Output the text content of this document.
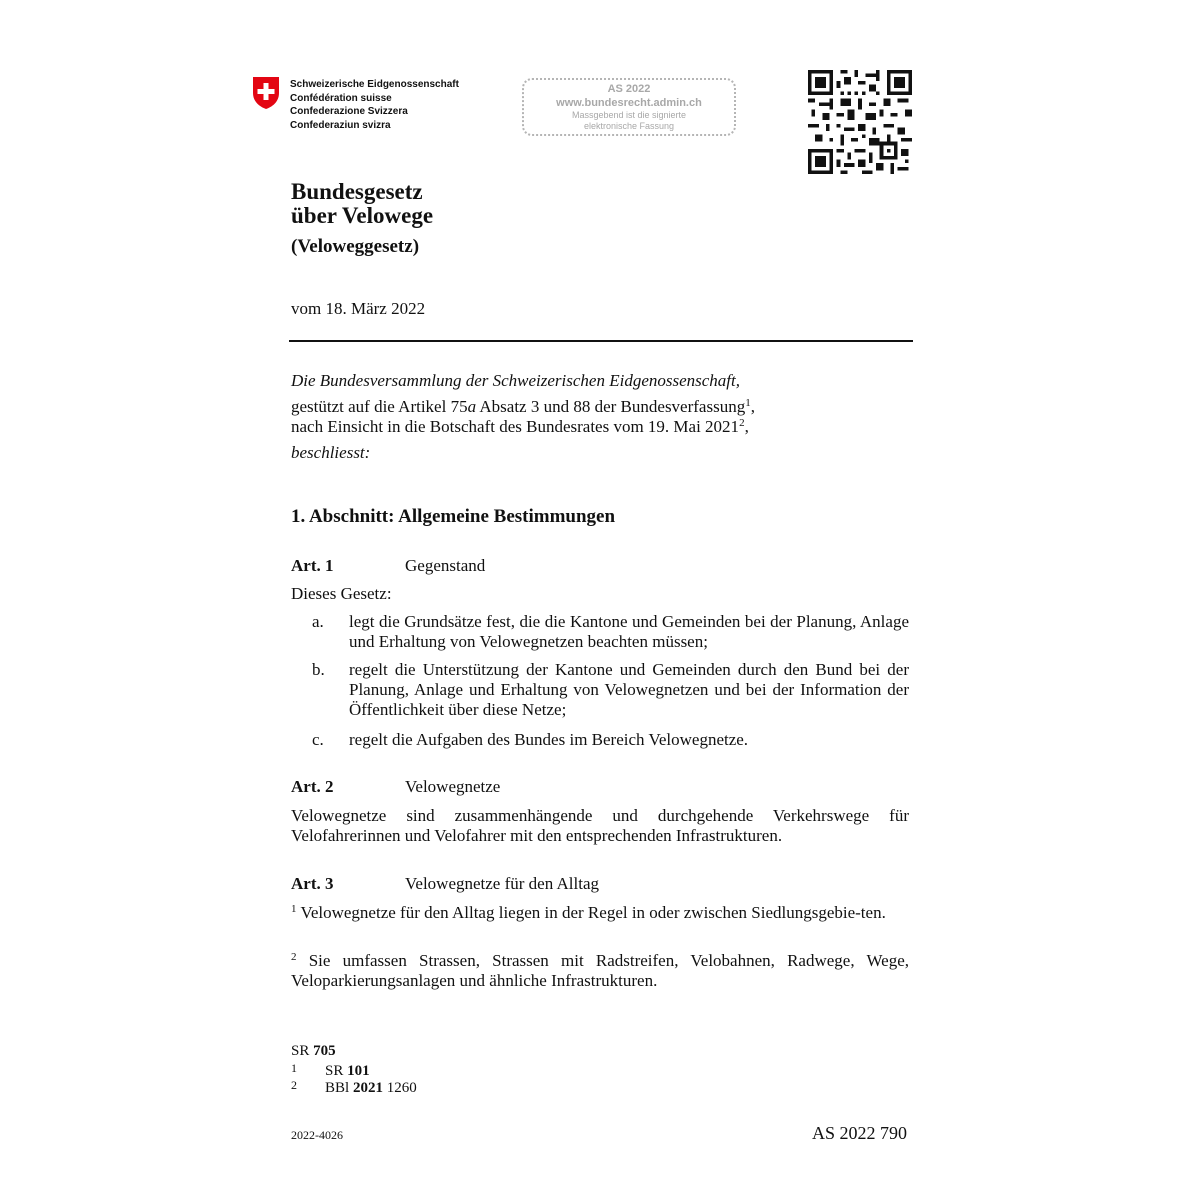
Schweizerische Eidgenossenschaft
Confédération suisse
Confederazione Svizzera
Confederaziun svizra
AS 2022
www.bundesrecht.admin.ch
Massgebend ist die signierte
elektronische Fassung
Bundesgesetz
über Velowege
(Veloweggesetz)
vom 18. März 2022
Die Bundesversammlung der Schweizerischen Eidgenossenschaft,
gestützt auf die Artikel 75a Absatz 3 und 88 der Bundesverfassung$^1$,
nach Einsicht in die Botschaft des Bundesrates vom 19. Mai 2021$^2$,
beschliesst:
1. Abschnitt: Allgemeine Bestimmungen
Art. 1	Gegenstand
Dieses Gesetz:
a. legt die Grundsätze fest, die die Kantone und Gemeinden bei der Planung, Anlage und Erhaltung von Velowegnetzen beachten müssen;
b. regelt die Unterstützung der Kantone und Gemeinden durch den Bund bei der Planung, Anlage und Erhaltung von Velowegnetzen und bei der Information der Öffentlichkeit über diese Netze;
c. regelt die Aufgaben des Bundes im Bereich Velowegnetze.
Art. 2	Velowegnetze
Velowegnetze sind zusammenhängende und durchgehende Verkehrswege für Velofahrerinnen und Velofahrer mit den entsprechenden Infrastrukturen.
Art. 3	Velowegnetze für den Alltag
$^1$ Velowegnetze für den Alltag liegen in der Regel in oder zwischen Siedlungsgebie-ten.
$^2$ Sie umfassen Strassen, Strassen mit Radstreifen, Velobahnen, Radwege, Wege, Veloparkierungsanlagen und ähnliche Infrastrukturen.
SR 705
1 SR 101
2 BBl 2021 1260
2022-4026	AS 2022 790
